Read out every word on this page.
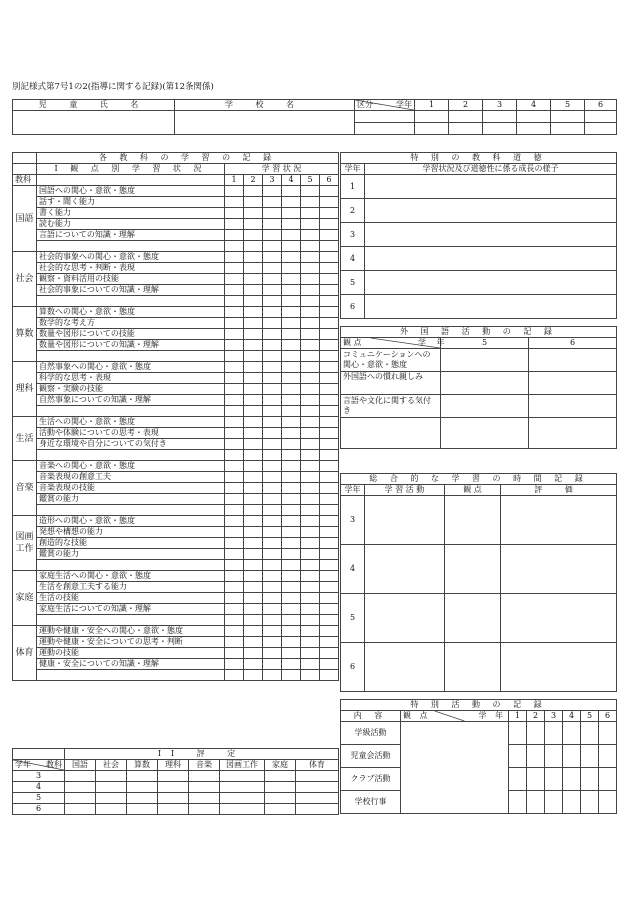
別記様式第7号1の2(指導に関する記録)(第12条関係)
児 童 氏 名	学 校 名	区分 学年	1	2	3	4	5	6

	各 教 科 の 学 習 の 記 録						
	I 観 点 別 学 習 状 況	学 習 状 況					
教科		1	2	3	4	5	6
国語	国語への関心・意欲・態度						
	話す・聞く能力						
	書く能力						
	読む能力						
	言語についての知識・理解						

社会	社会的事象への関心・意欲・態度						
	社会的な思考・判断・表現						
	観察・資料活用の技能						
	社会的事象についての知識・理解						

算数	算数への関心・意欲・態度						
	数学的な考え方						
	数量や図形についての技能						
	数量や図形についての知識・理解						

理科	自然事象への関心・意欲・態度						
	科学的な思考・表現						
	観察・実験の技能						
	自然事象についての知識・理解						

生活	生活への関心・意欲・態度						
	活動や体験についての思考・表現						
	身近な環境や自分についての気付き						

音楽	音楽への関心・意欲・態度						
	音楽表現の創意工夫						
	音楽表現の技能						
	鑑賞の能力						

図画工作	造形への関心・意欲・態度						
	発想や構想の能力						
	創造的な技能						
	鑑賞の能力						

家庭	家庭生活への関心・意欲・態度						
	生活を創意工夫する能力						
	生活の技能						
	家庭生活についての知識・理解						

体育	運動や健康・安全への関心・意欲・態度						
	運動や健康・安全についての思考・判断						
	運動の技能						
	健康・安全についての知識・理解						

	II 評 定							

学年 教科	国語	社会	算数	理科	音楽	図画工作	家庭	体育
3								
4								
5								
6								
特 別 の 教 科 道 徳	
学年	学習状況及び道徳性に係る成長の様子
1	
2	
3	
4	
5	
6	
外 国 語 活 動 の 記 録		

観 点	5	6
コミュニケーションへの関心・意欲・態度		
外国語への慣れ親しみ		
言語や文化に関する気付き		

学 年
総 合 的 な 学 習 の 時 間 記 録			
学年	学 習 活 動	観 点	評 価
3			
4			
5			
6			
特 別 活 動 の 記 録							
内 容	観 点 学 年	1	2	3	4	5	6
学級活動							
児童会活動							
クラブ活動							
学校行事							
